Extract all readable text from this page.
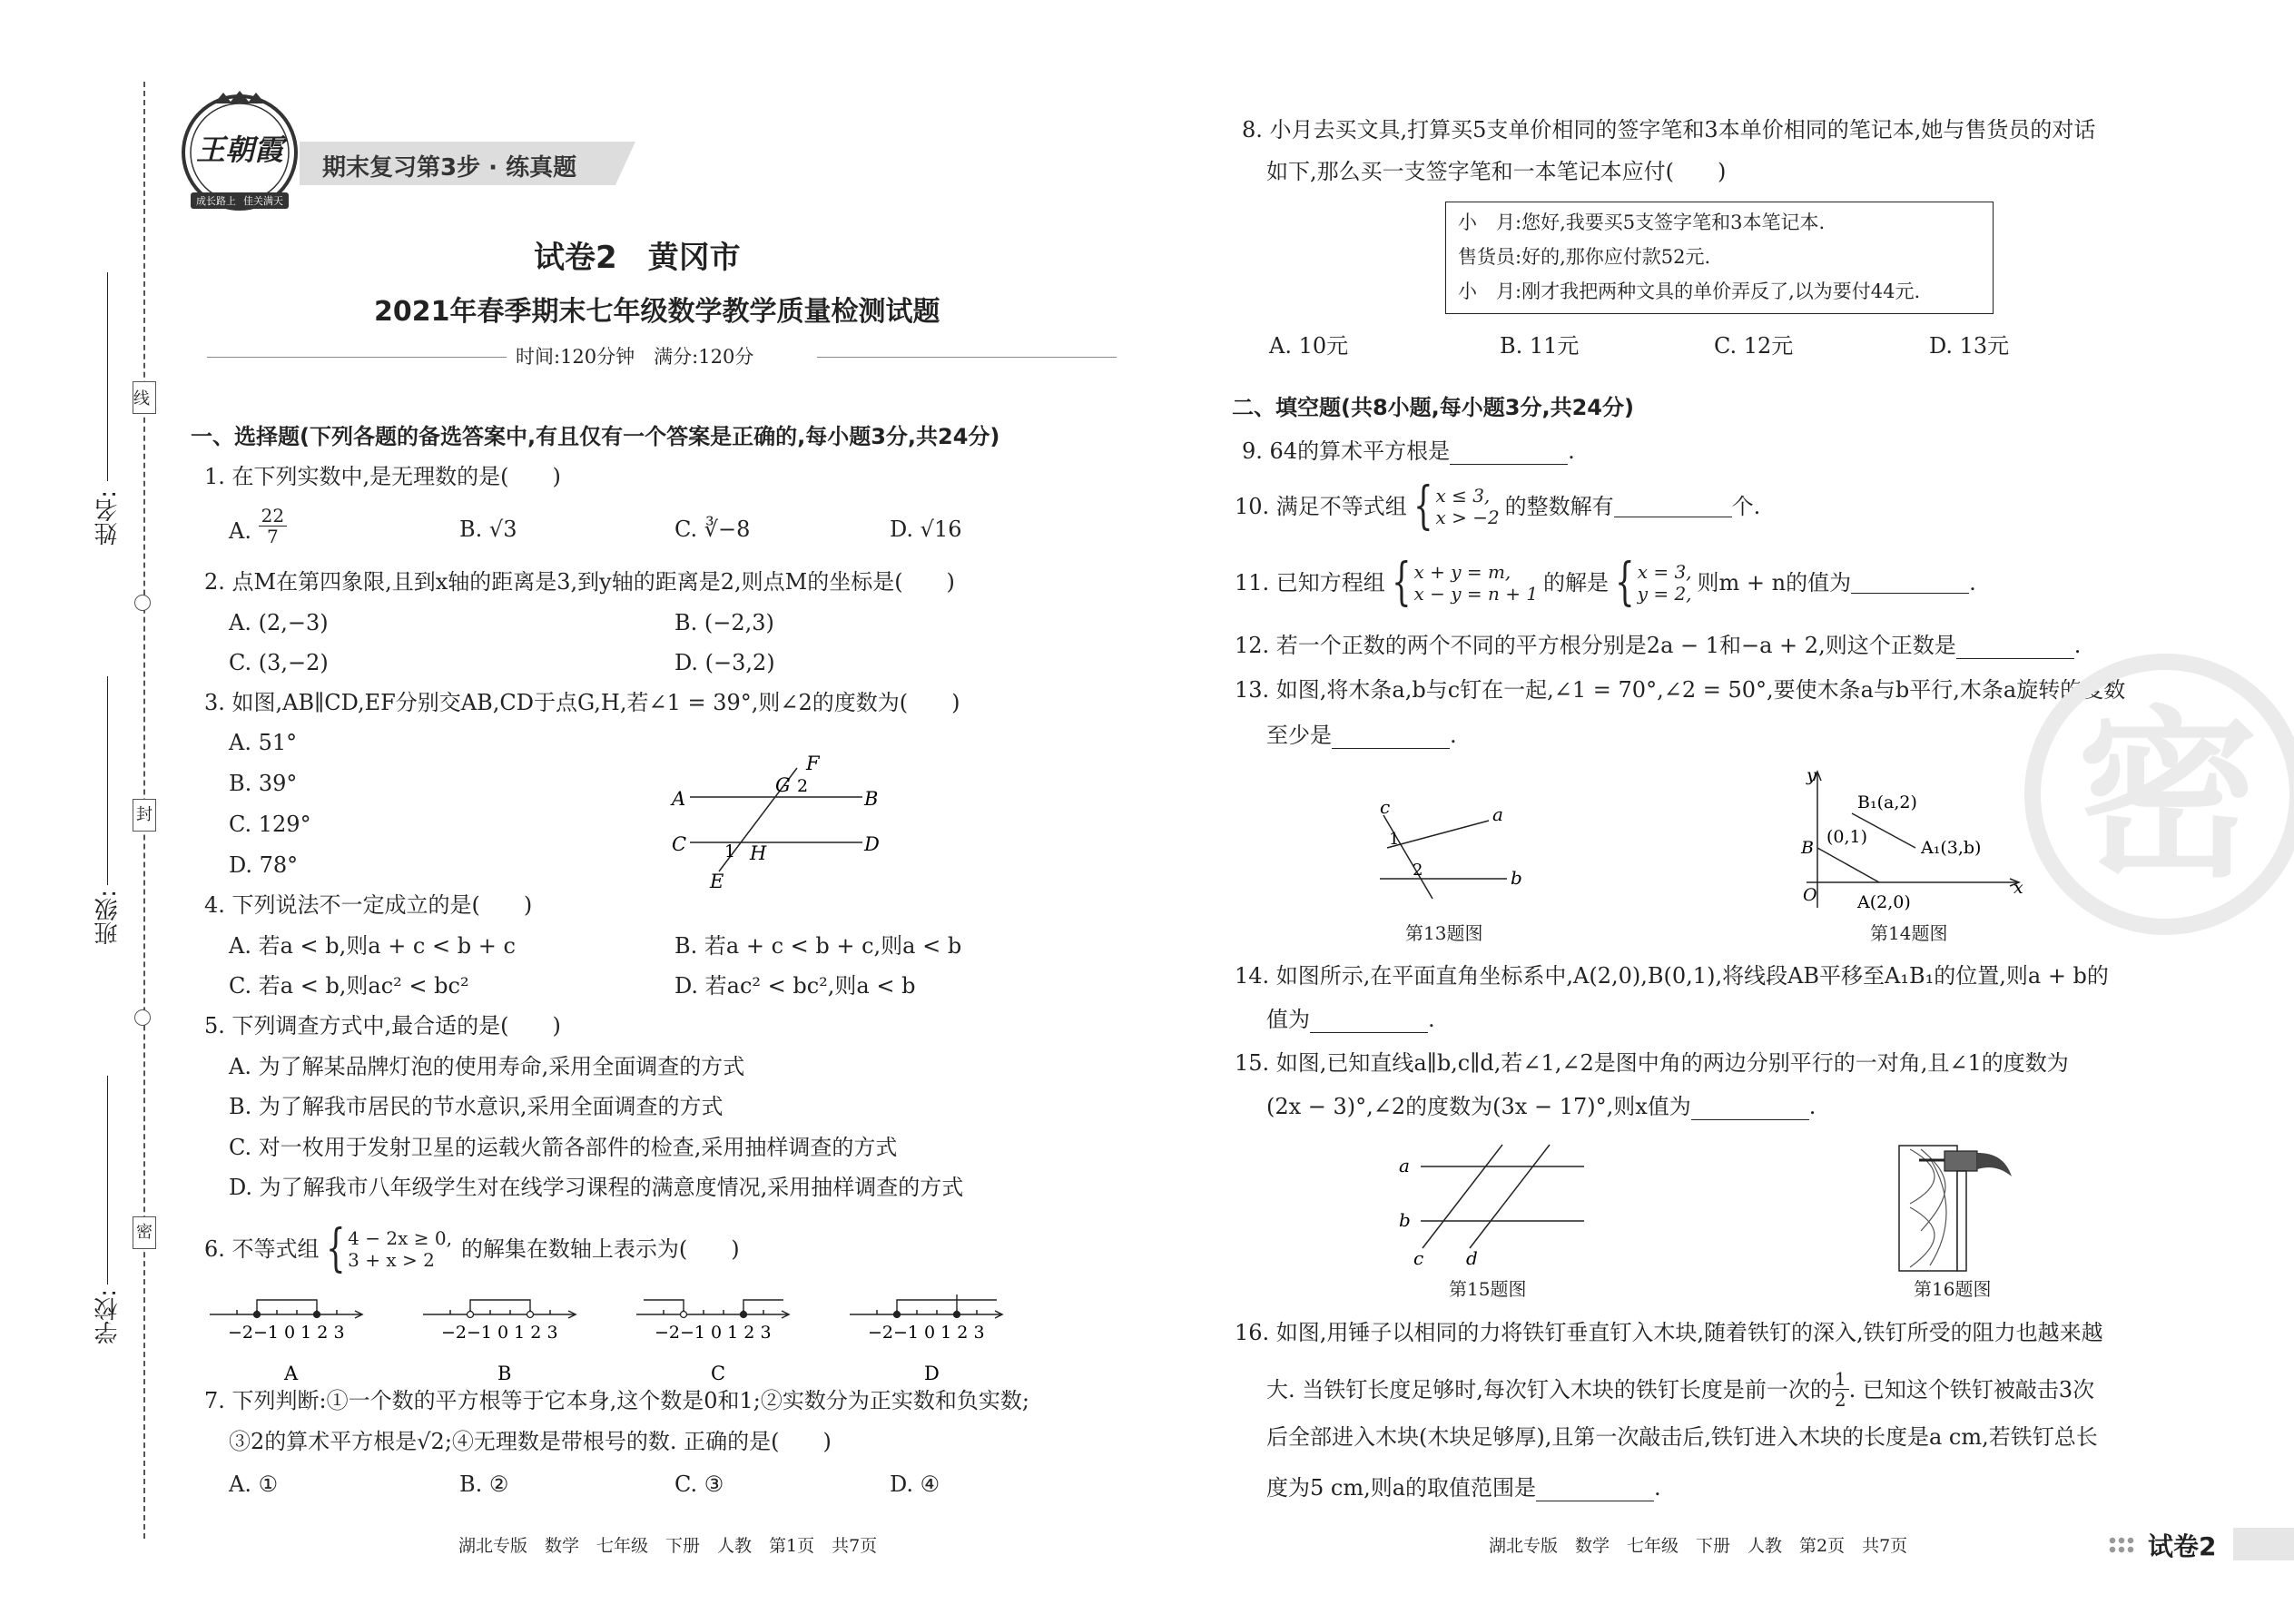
线
封
密
姓名:
班级:
学校:
王朝霞
成长路上 佳关满天
期末复习第3步 · 练真题
试卷2　黄冈市
2021年春季期末七年级数学教学质量检测试题
时间:120分钟　满分:120分
一、选择题(下列各题的备选答案中,有且仅有一个答案是正确的,每小题3分,共24分)
1. 在下列实数中,是无理数的是(　　)
A. $\frac{22}{7}$	B. √3	C. ∛−8	D. √16
2. 点M在第四象限,且到x轴的距离是3,到y轴的距离是2,则点M的坐标是(　　)
A. (2,−3)	B. (−2,3)
C. (3,−2)	D. (−3,2)
3. 如图,AB∥CD,EF分别交AB,CD于点G,H,若∠1 = 39°,则∠2的度数为(　　)
A. 51°
B. 39°
C. 129°
D. 78°
A	B
C	D
E
F
G
H
1
2
4. 下列说法不一定成立的是(　　)
A. 若a < b,则a + c < b + c	B. 若a + c < b + c,则a < b
C. 若a < b,则ac² < bc²	D. 若ac² < bc²,则a < b
5. 下列调查方式中,最合适的是(　　)
A. 为了解某品牌灯泡的使用寿命,采用全面调查的方式
B. 为了解我市居民的节水意识,采用全面调查的方式
C. 对一枚用于发射卫星的运载火箭各部件的检查,采用抽样调查的方式
D. 为了解我市八年级学生对在线学习课程的满意度情况,采用抽样调查的方式
6. 不等式组 { 4 − 2x ≥ 0,
3 + x > 2	的解集在数轴上表示为(　　)
−2−1 0 1 2 3
A
−2−1 0 1 2 3
B
−2−1 0 1 2 3
C
−2−1 0 1 2 3
D
7. 下列判断:①一个数的平方根等于它本身,这个数是0和1;②实数分为正实数和负实数;
③2的算术平方根是√2;④无理数是带根号的数. 正确的是(　　)
A. ①	B. ②	C. ③	D. ④
湖北专版　数学　七年级　下册　人教　第1页　共7页
8. 小月去买文具,打算买5支单价相同的签字笔和3本单价相同的笔记本,她与售货员的对话
如下,那么买一支签字笔和一本笔记本应付(　　)
小　月:您好,我要买5支签字笔和3本笔记本.
售货员:好的,那你应付款52元.
小　月:刚才我把两种文具的单价弄反了,以为要付44元.
A. 10元	B. 11元	C. 12元	D. 13元
二、填空题(共8小题,每小题3分,共24分)
9. 64的算术平方根是	.
10. 满足不等式组 { x ≤ 3,
x > −2 的整数解有	个.
11. 已知方程组 { x + y = m,
x − y = n + 1 的解是 { x = 3,
y = 2, 则m + n的值为	.
12. 若一个正数的两个不同的平方根分别是2a − 1和−a + 2,则这个正数是	.
13. 如图,将木条a,b与c钉在一起,∠1 = 70°,∠2 = 50°,要使木条a与b平行,木条a旋转的度数
至少是	.
c	a
b
1
2
第13题图
y
x
O
B
(0,1)
A(2,0)
B₁(a,2)
A₁(3,b)
第14题图
14. 如图所示,在平面直角坐标系中,A(2,0),B(0,1),将线段AB平移至A₁B₁的位置,则a + b的
值为	.
15. 如图,已知直线a∥b,c∥d,若∠1,∠2是图中角的两边分别平行的一对角,且∠1的度数为
(2x − 3)°,∠2的度数为(3x − 17)°,则x值为	.
a
b
c d
第15题图	第16题图
16. 如图,用锤子以相同的力将铁钉垂直钉入木块,随着铁钉的深入,铁钉所受的阻力也越来越
大. 当铁钉长度足够时,每次钉入木块的铁钉长度是前一次的 $\frac{1}{2}$ . 已知这个铁钉被敲击3次
后全部进入木块(木块足够厚),且第一次敲击后,铁钉进入木块的长度是a cm,若铁钉总长
度为5 cm,则a的取值范围是	.
湖北专版　数学　七年级　下册　人教　第2页　共7页	试卷2
密
